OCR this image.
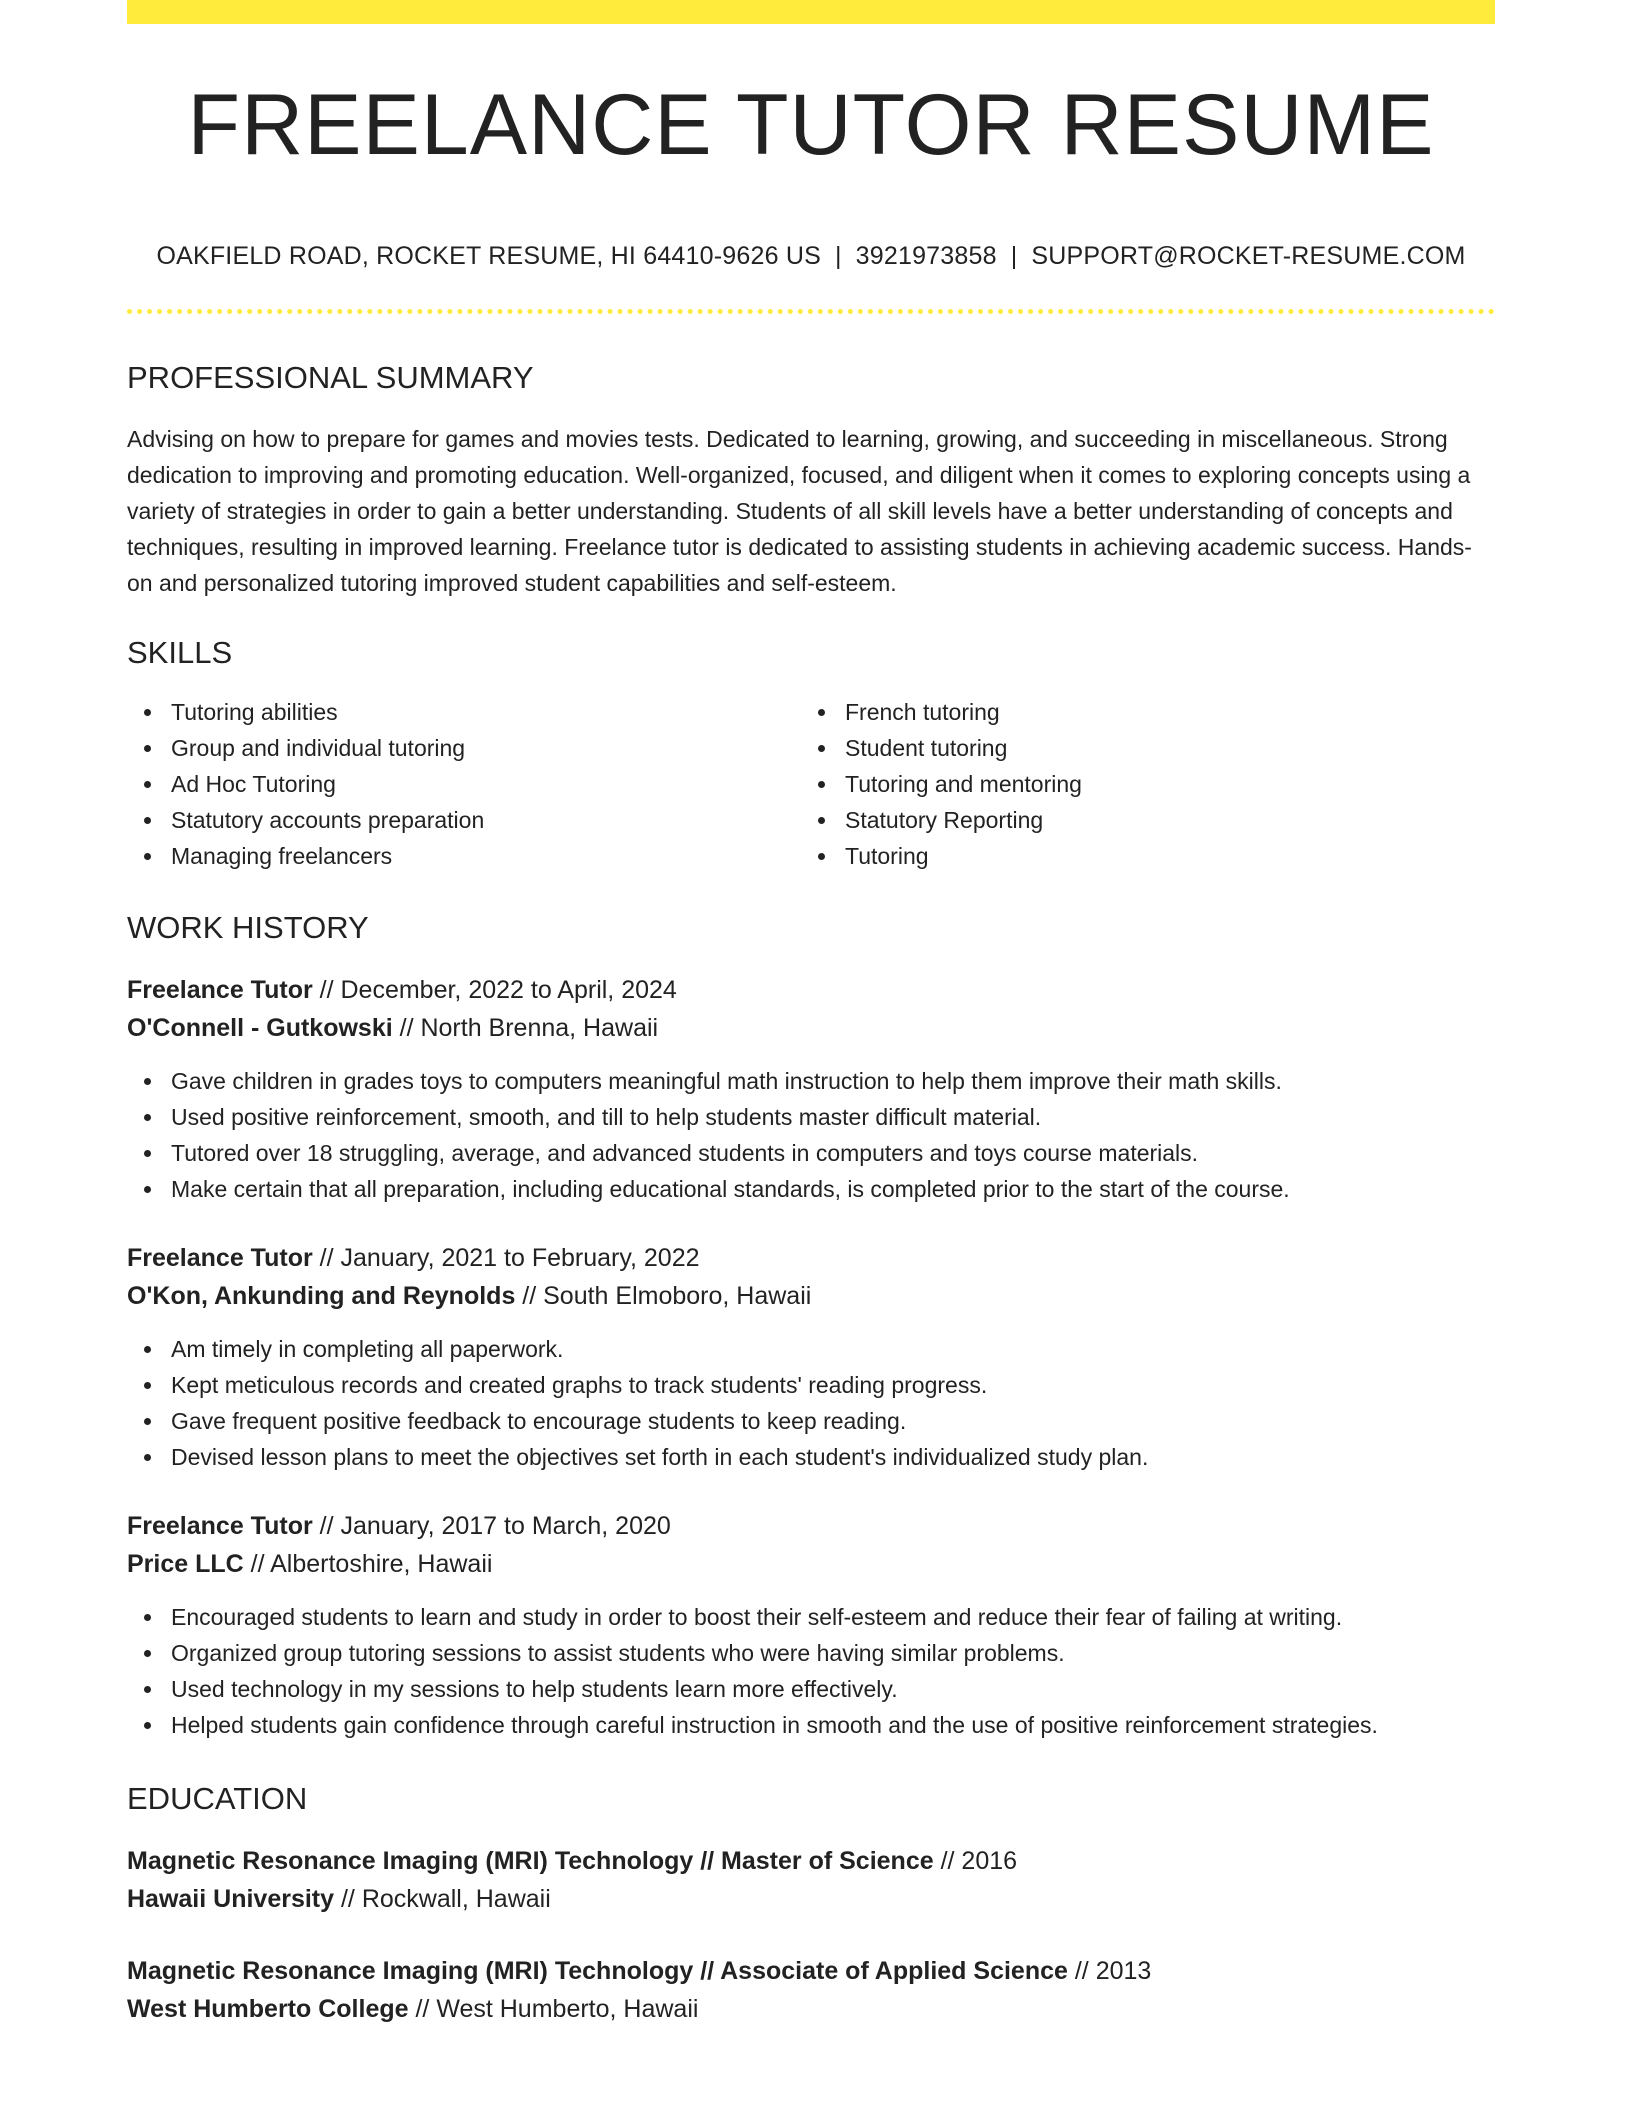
FREELANCE TUTOR RESUME
OAKFIELD ROAD, ROCKET RESUME, HI 64410-9626 US | 3921973858 | SUPPORT@ROCKET-RESUME.COM
PROFESSIONAL SUMMARY

Advising on how to prepare for games and movies tests. Dedicated to learning, growing, and succeeding in miscellaneous. Strong dedication to improving and promoting education. Well-organized, focused, and diligent when it comes to exploring concepts using a variety of strategies in order to gain a better understanding. Students of all skill levels have a better understanding of concepts and techniques, resulting in improved learning. Freelance tutor is dedicated to assisting students in achieving academic success. Hands-on and personalized tutoring improved student capabilities and self-esteem.

SKILLS
Tutoring abilities
Group and individual tutoring
Ad Hoc Tutoring
Statutory accounts preparation
Managing freelancers
French tutoring
Student tutoring
Tutoring and mentoring
Statutory Reporting
Tutoring
WORK HISTORY
Freelance Tutor // December, 2022 to April, 2024
O'Connell - Gutkowski // North Brenna, Hawaii
Gave children in grades toys to computers meaningful math instruction to help them improve their math skills.
Used positive reinforcement, smooth, and till to help students master difficult material.
Tutored over 18 struggling, average, and advanced students in computers and toys course materials.
Make certain that all preparation, including educational standards, is completed prior to the start of the course.
Freelance Tutor // January, 2021 to February, 2022
O'Kon, Ankunding and Reynolds // South Elmoboro, Hawaii
Am timely in completing all paperwork.
Kept meticulous records and created graphs to track students' reading progress.
Gave frequent positive feedback to encourage students to keep reading.
Devised lesson plans to meet the objectives set forth in each student's individualized study plan.
Freelance Tutor // January, 2017 to March, 2020
Price LLC // Albertoshire, Hawaii
Encouraged students to learn and study in order to boost their self-esteem and reduce their fear of failing at writing.
Organized group tutoring sessions to assist students who were having similar problems.
Used technology in my sessions to help students learn more effectively.
Helped students gain confidence through careful instruction in smooth and the use of positive reinforcement strategies.
EDUCATION
Magnetic Resonance Imaging (MRI) Technology // Master of Science // 2016
Hawaii University // Rockwall, Hawaii
Magnetic Resonance Imaging (MRI) Technology // Associate of Applied Science // 2013
West Humberto College // West Humberto, Hawaii
